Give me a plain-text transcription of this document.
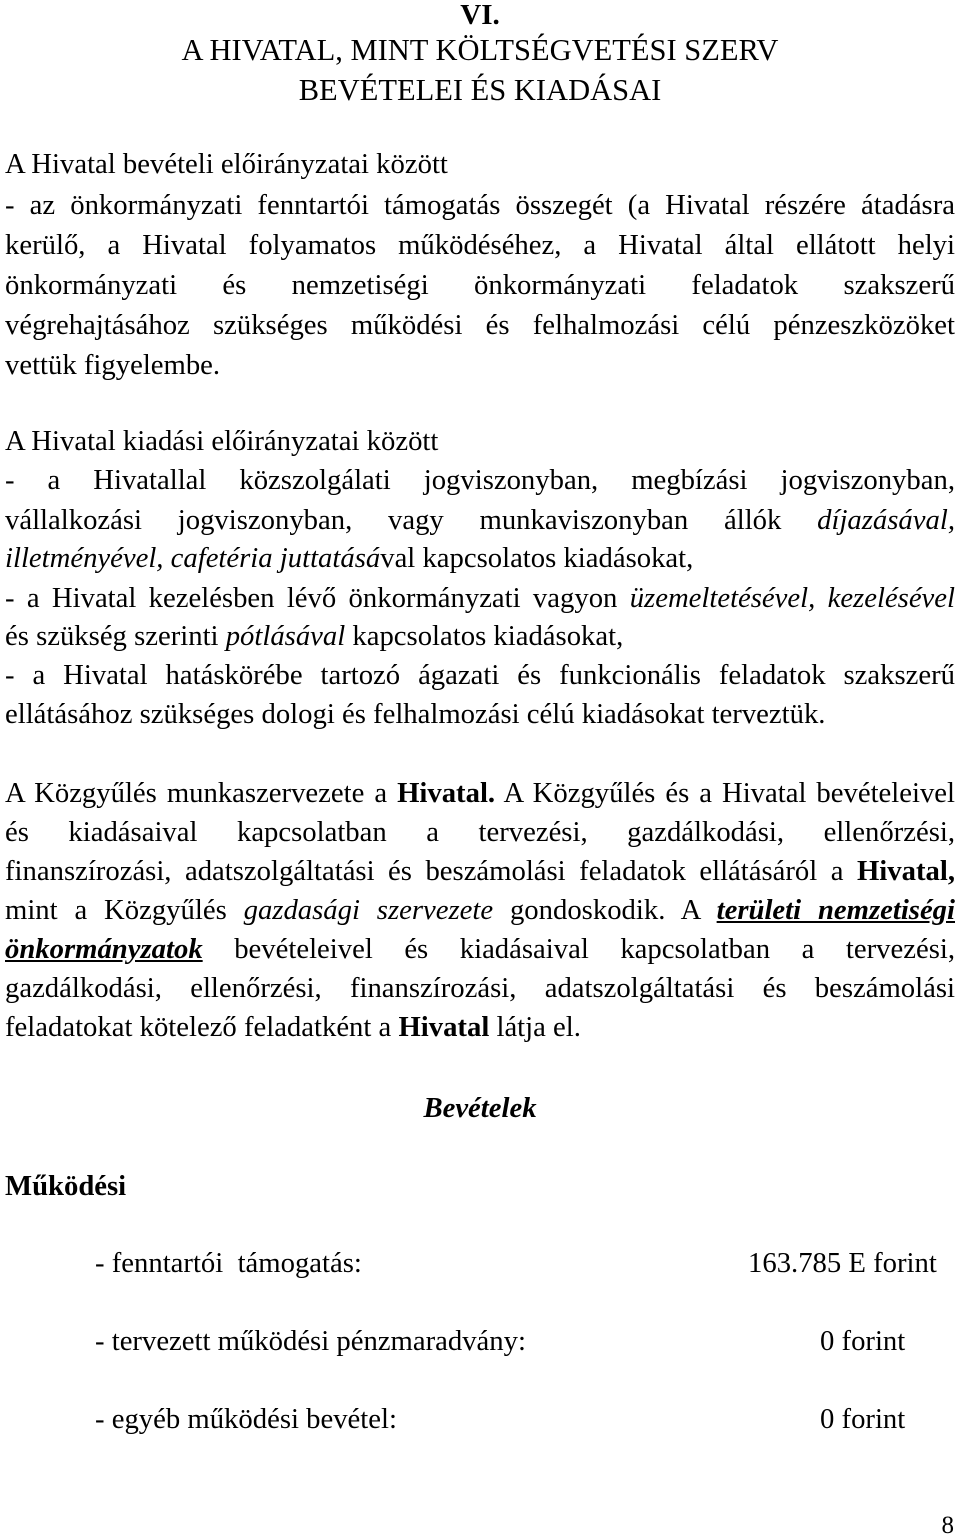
VI.
A HIVATAL, MINT KÖLTSÉGVETÉSI SZERV
BEVÉTELEI ÉS KIADÁSAI
A Hivatal bevételi előirányzatai között
- az önkormányzati fenntartói támogatás összegét (a Hivatal részére átadásra
kerülő, a Hivatal folyamatos működéséhez, a Hivatal által ellátott helyi
önkormányzati és nemzetiségi önkormányzati feladatok szakszerű
végrehajtásához szükséges működési és felhalmozási célú pénzeszközöket
vettük figyelembe.
A Hivatal kiadási előirányzatai között
- a Hivatallal közszolgálati jogviszonyban, megbízási jogviszonyban,
vállalkozási jogviszonyban, vagy munkaviszonyban állók díjazásával,
illetményével, cafetéria juttatásával kapcsolatos kiadásokat,
- a Hivatal kezelésben lévő önkormányzati vagyon üzemeltetésével, kezelésével
és szükség szerinti pótlásával kapcsolatos kiadásokat,
- a Hivatal hatáskörébe tartozó ágazati és funkcionális feladatok szakszerű
ellátásához szükséges dologi és felhalmozási célú kiadásokat terveztük.
A Közgyűlés munkaszervezete a Hivatal. A Közgyűlés és a Hivatal bevételeivel
és kiadásaival kapcsolatban a tervezési, gazdálkodási, ellenőrzési,
finanszírozási, adatszolgáltatási és beszámolási feladatok ellátásáról a Hivatal,
mint a Közgyűlés gazdasági szervezete gondoskodik. A területi nemzetiségi
önkormányzatok bevételeivel és kiadásaival kapcsolatban a tervezési,
gazdálkodási, ellenőrzési, finanszírozási, adatszolgáltatási és beszámolási
feladatokat kötelező feladatként a Hivatal látja el.
Bevételek
Működési
- fenntartói  támogatás:	163.785 E forint
- tervezett működési pénzmaradvány:	0 forint
- egyéb működési bevétel:	0 forint
8
